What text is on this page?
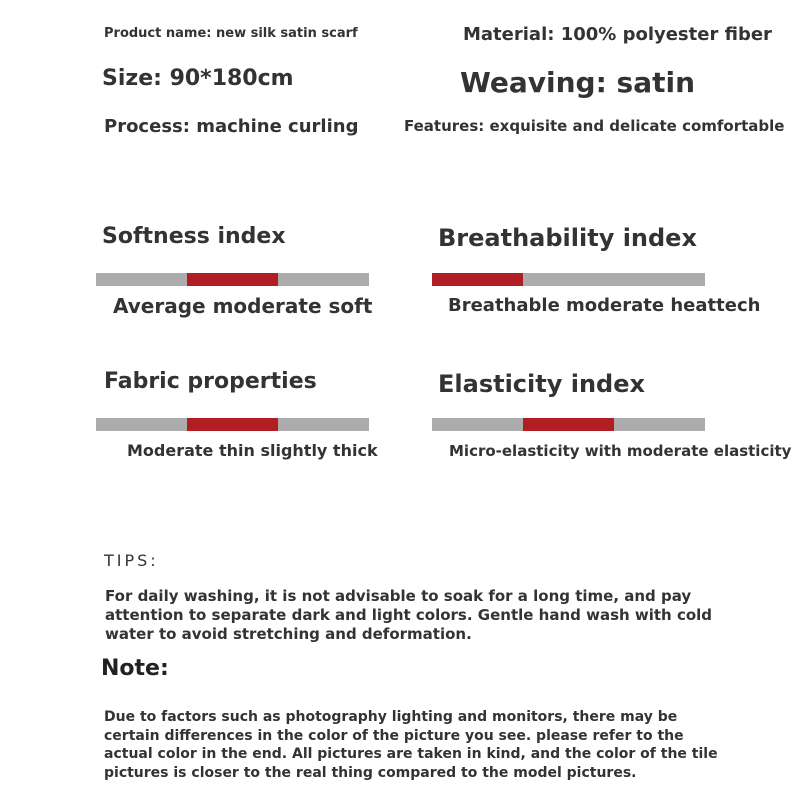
Product name: new silk satin scarf	Material: 100% polyester fiber
Size: 90*180cm	Weaving: satin
Process: machine curling	Features: exquisite and delicate comfortable
Softness index
Average moderate soft
Breathability index
Breathable moderate heattech
Fabric properties
Moderate thin slightly thick
Elasticity index
Micro-elasticity with moderate elasticity
TIPS:
For daily washing, it is not advisable to soak for a long time, and pay attention to separate dark and light colors. Gentle hand wash with cold water to avoid stretching and deformation.
Note:
Due to factors such as photography lighting and monitors, there may be certain differences in the color of the picture you see. please refer to the actual color in the end. All pictures are taken in kind, and the color of the tile pictures is closer to the real thing compared to the model pictures.
